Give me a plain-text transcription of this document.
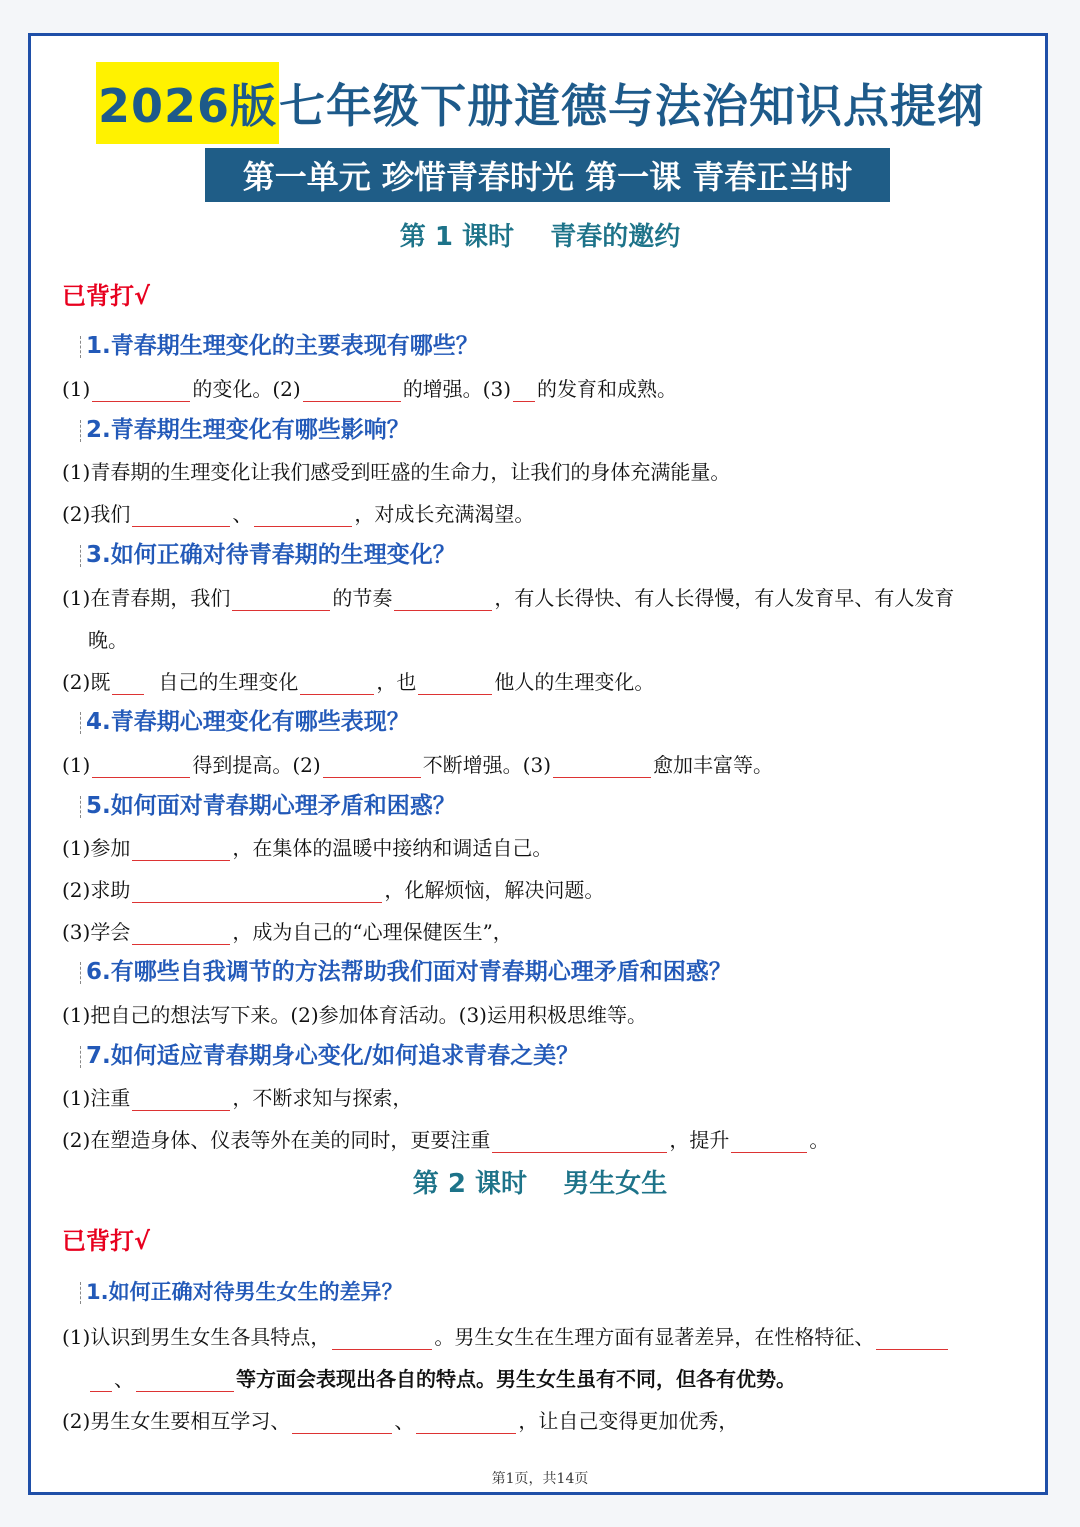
2026版 七年级下册道德与法治知识点提纲
第一单元 珍惜青春时光 第一课 青春正当时
第 1 课时    青春的邀约
已背打√
1.青春期生理变化的主要表现有哪些？
(1)	的变化。(2)	的增强。(3) 的发育和成熟。
2.青春期生理变化有哪些影响？
(1)青春期的生理变化让我们感受到旺盛的生命力，让我们的身体充满能量。
(2)我们	、	，对成长充满渴望。
3.如何正确对待青春期的生理变化？
(1)在青春期，我们	的节奏	，有人长得快、有人长得慢，有人发育早、有人发育
晚。
(2)既 自己的生理变化	，也	他人的生理变化。
4.青春期心理变化有哪些表现？
(1)	得到提高。(2)	不断增强。(3)	愈加丰富等。
5.如何面对青春期心理矛盾和困惑？
(1)参加	，在集体的温暖中接纳和调适自己。
(2)求助	，化解烦恼，解决问题。
(3)学会	，成为自己的“心理保健医生”，
6.有哪些自我调节的方法帮助我们面对青春期心理矛盾和困惑？
(1)把自己的想法写下来。(2)参加体育活动。(3)运用积极思维等。
7.如何适应青春期身心变化/如何追求青春之美？
(1)注重	，不断求知与探索，
(2)在塑造身体、仪表等外在美的同时，更要注重	，提升	。
第 2 课时    男生女生
已背打√
1.如何正确对待男生女生的差异？
(1)认识到男生女生各具特点，	。男生女生在生理方面有显著差异，在性格特征、
、	等方面会表现出各自的特点。男生女生虽有不同，但各有优势。
(2)男生女生要相互学习、	、	，让自己变得更加优秀，
第1页，共14页
